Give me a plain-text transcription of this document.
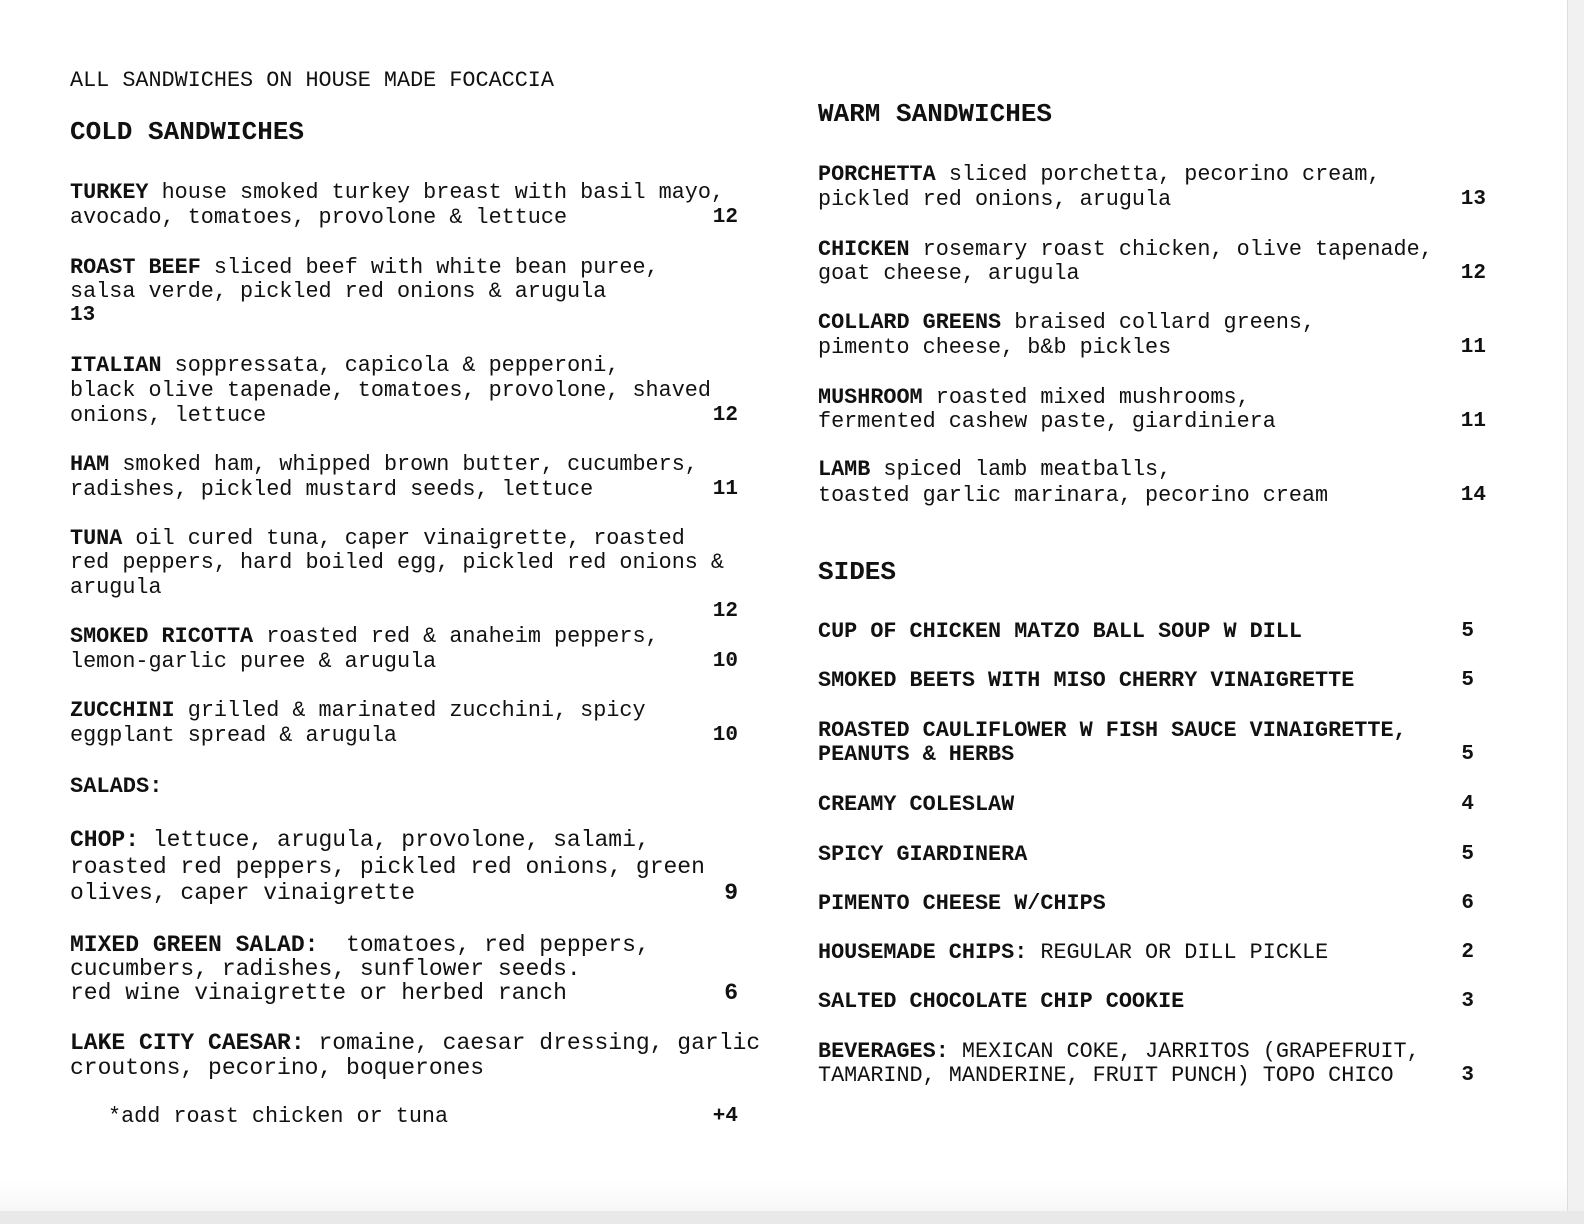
ALL SANDWICHES ON HOUSE MADE FOCACCIA
COLD SANDWICHES
SALADS:
WARM SANDWICHES
SIDES
*add roast chicken or tuna	+4
TURKEY house smoked turkey breast with basil mayo,
avocado, tomatoes, provolone & lettuce	12
ROAST BEEF sliced beef with white bean puree,
salsa verde, pickled red onions & arugula
13
ITALIAN soppressata, capicola & pepperoni,
black olive tapenade, tomatoes, provolone, shaved
onions, lettuce	12
HAM smoked ham, whipped brown butter, cucumbers,
radishes, pickled mustard seeds, lettuce	11
TUNA oil cured tuna, caper vinaigrette, roasted
red peppers, hard boiled egg, pickled red onions &
arugula
12
SMOKED RICOTTA roasted red & anaheim peppers,
lemon-garlic puree & arugula	10
ZUCCHINI grilled & marinated zucchini, spicy
eggplant spread & arugula	10
CHOP: lettuce, arugula, provolone, salami,
roasted red peppers, pickled red onions, green
olives, caper vinaigrette	9
MIXED GREEN SALAD:  tomatoes, red peppers,
cucumbers, radishes, sunflower seeds.
red wine vinaigrette or herbed ranch	6
LAKE CITY CAESAR: romaine, caesar dressing, garlic
croutons, pecorino, boquerones
PORCHETTA sliced porchetta, pecorino cream,
pickled red onions, arugula	13
CHICKEN rosemary roast chicken, olive tapenade,
goat cheese, arugula	12
COLLARD GREENS braised collard greens,
pimento cheese, b&b pickles	11
MUSHROOM roasted mixed mushrooms,
fermented cashew paste, giardiniera	11
LAMB spiced lamb meatballs,
toasted garlic marinara, pecorino cream	14
CUP OF CHICKEN MATZO BALL SOUP W DILL	5
SMOKED BEETS WITH MISO CHERRY VINAIGRETTE	5
ROASTED CAULIFLOWER W FISH SAUCE VINAIGRETTE,
PEANUTS & HERBS	5
CREAMY COLESLAW	4
SPICY GIARDINERA	5
PIMENTO CHEESE W/CHIPS	6
HOUSEMADE CHIPS: REGULAR OR DILL PICKLE	2
SALTED CHOCOLATE CHIP COOKIE	3
BEVERAGES: MEXICAN COKE, JARRITOS (GRAPEFRUIT,
TAMARIND, MANDERINE, FRUIT PUNCH) TOPO CHICO	3
